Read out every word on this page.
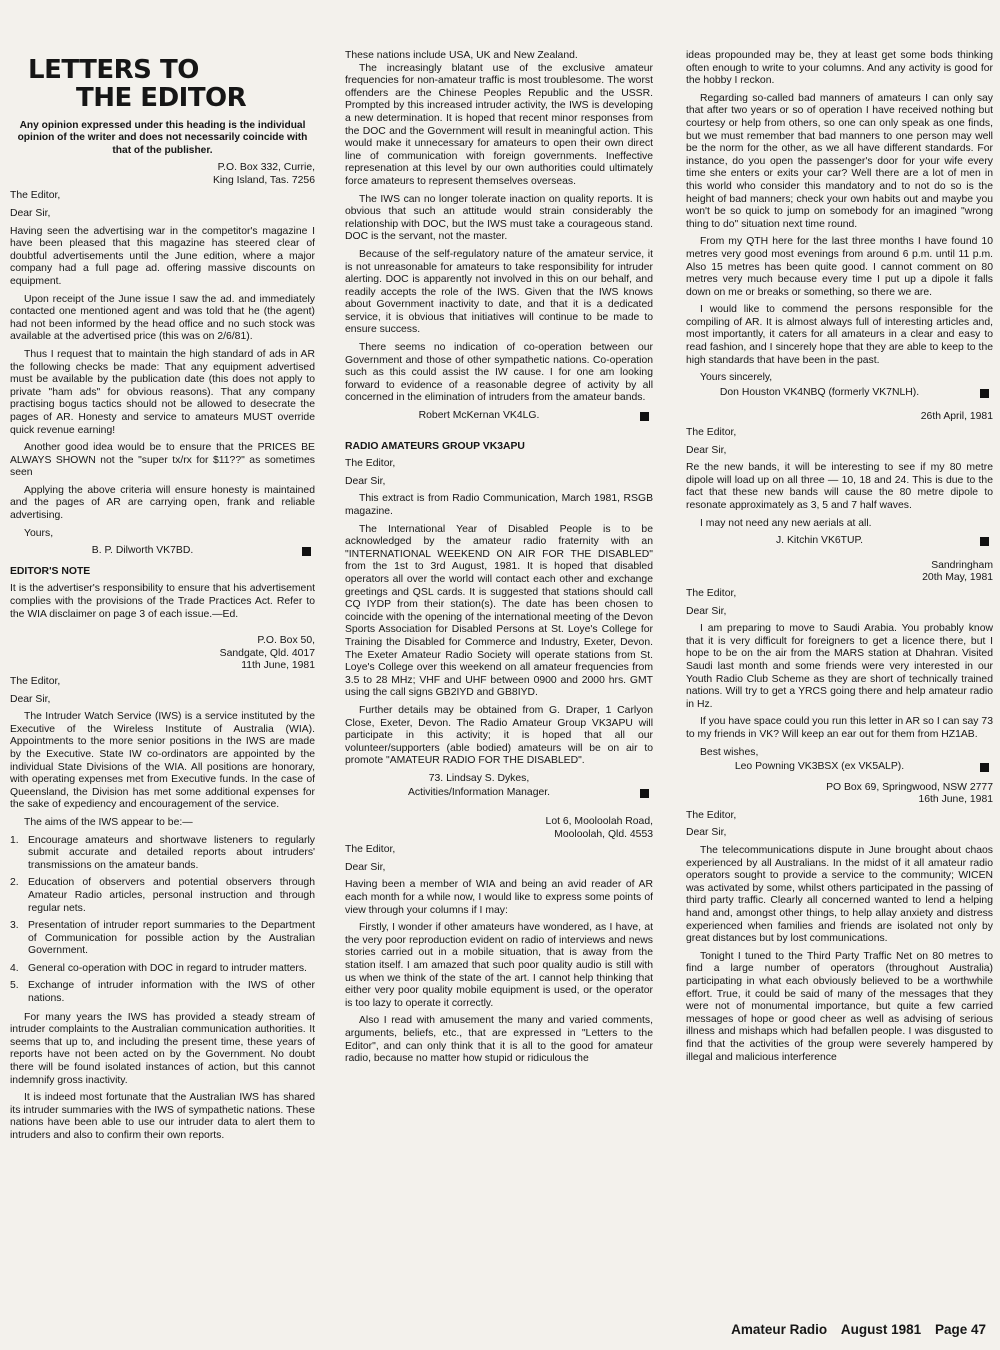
LETTERS TO
THE EDITOR

Any opinion expressed under this heading is the individual opinion of the writer and does not necessarily coincide with that of the publisher.

P.O. Box 332, Currie,
King Island, Tas. 7256

The Editor,

Dear Sir,

Having seen the advertising war in the competitor's magazine I have been pleased that this magazine has steered clear of doubtful advertisements until the June edition, where a major company had a full page ad. offering massive discounts on equipment.

Upon receipt of the June issue I saw the ad. and immediately contacted one mentioned agent and was told that he (the agent) had not been informed by the head office and no such stock was available at the advertised price (this was on 2/6/81).

Thus I request that to maintain the high standard of ads in AR the following checks be made: That any equipment advertised must be available by the publication date (this does not apply to private "ham ads" for obvious reasons). That any company practising bogus tactics should not be allowed to desecrate the pages of AR. Honesty and service to amateurs MUST override quick revenue earning!

Another good idea would be to ensure that the PRICES BE ALWAYS SHOWN not the "super tx/rx for $11??" as sometimes seen

Applying the above criteria will ensure honesty is maintained and the pages of AR are carrying open, frank and reliable advertising.

Yours,

B. P. Dilworth VK7BD.

EDITOR'S NOTE

It is the advertiser's responsibility to ensure that his advertisement complies with the provisions of the Trade Practices Act. Refer to the WIA disclaimer on page 3 of each issue.—Ed.

P.O. Box 50,
Sandgate, Qld. 4017
11th June, 1981

The Editor,

Dear Sir,

The Intruder Watch Service (IWS) is a service instituted by the Executive of the Wireless Institute of Australia (WIA). Appointments to the more senior positions in the IWS are made by the Executive. State IW co-ordinators are appointed by the individual State Divisions of the WIA. All positions are honorary, with operating expenses met from Executive funds. In the case of Queensland, the Division has met some additional expenses for the sake of expediency and encouragement of the service.

The aims of the IWS appear to be:—

1. Encourage amateurs and shortwave listeners to regularly submit accurate and detailed reports about intruders' transmissions on the amateur bands.
2. Education of observers and potential observers through Amateur Radio articles, personal instruction and through regular nets.
3. Presentation of intruder report summaries to the Department of Communication for possible action by the Australian Government.
4. General co-operation with DOC in regard to intruder matters.
5. Exchange of intruder information with the IWS of other nations.

For many years the IWS has provided a steady stream of intruder complaints to the Australian communication authorities. It seems that up to, and including the present time, these years of reports have not been acted on by the Government. No doubt there will be found isolated instances of action, but this cannot indemnify gross inactivity.

It is indeed most fortunate that the Australian IWS has shared its intruder summaries with the IWS of sympathetic nations. These nations have been able to use our intruder data to alert them to intruders and also to confirm their own reports.

These nations include USA, UK and New Zealand.

The increasingly blatant use of the exclusive amateur frequencies for non-amateur traffic is most troublesome. The worst offenders are the Chinese Peoples Republic and the USSR. Prompted by this increased intruder activity, the IWS is developing a new determination. It is hoped that recent minor responses from the DOC and the Government will result in meaningful action. This would make it unnecessary for amateurs to open their own direct line of communication with foreign governments. Ineffective represenation at this level by our own authorities could ultimately force amateurs to represent themselves overseas.

The IWS can no longer tolerate inaction on quality reports. It is obvious that such an attitude would strain considerably the relationship with DOC, but the IWS must take a courageous stand. DOC is the servant, not the master.

Because of the self-regulatory nature of the amateur service, it is not unreasonable for amateurs to take responsibility for intruder alerting. DOC is apparently not involved in this on our behalf, and readily accepts the role of the IWS. Given that the IWS knows about Government inactivity to date, and that it is a dedicated service, it is obvious that initiatives will continue to be made to ensure success.

There seems no indication of co-operation between our Government and those of other sympathetic nations. Co-operation such as this could assist the IW cause. I for one am looking forward to evidence of a reasonable degree of activity by all concerned in the elimination of intruders from the amateur bands.

Robert McKernan VK4LG.

RADIO AMATEURS GROUP VK3APU

The Editor,

Dear Sir,

This extract is from Radio Communication, March 1981, RSGB magazine.

The International Year of Disabled People is to be acknowledged by the amateur radio fraternity with an "INTERNATIONAL WEEKEND ON AIR FOR THE DISABLED" from the 1st to 3rd August, 1981. It is hoped that disabled operators all over the world will contact each other and exchange greetings and QSL cards. It is suggested that stations should call CQ IYDP from their station(s). The date has been chosen to coincide with the opening of the international meeting of the Devon Sports Association for Disabled Persons at St. Loye's College for Training the Disabled for Commerce and Industry, Exeter, Devon. The Exeter Amateur Radio Society will operate stations from St. Loye's College over this weekend on all amateur frequencies from 3.5 to 28 MHz; VHF and UHF between 0900 and 2000 hrs. GMT using the call signs GB2IYD and GB8IYD.

Further details may be obtained from G. Draper, 1 Carlyon Close, Exeter, Devon. The Radio Amateur Group VK3APU will participate in this activity; it is hoped that all our volunteer/supporters (able bodied) amateurs will be on air to promote "AMATEUR RADIO FOR THE DISABLED".

73. Lindsay S. Dykes,
Activities/Information Manager.
Lot 6, Mooloolah Road,
Mooloolah, Qld. 4553

The Editor,

Dear Sir,

Having been a member of WIA and being an avid reader of AR each month for a while now, I would like to express some points of view through your columns if I may:

Firstly, I wonder if other amateurs have wondered, as I have, at the very poor reproduction evident on radio of interviews and news stories carried out in a mobile situation, that is away from the station itself. I am amazed that such poor quality audio is still with us when we think of the state of the art. I cannot help thinking that either very poor quality mobile equipment is used, or the operator is too lazy to operate it correctly.

Also I read with amusement the many and varied comments, arguments, beliefs, etc., that are expressed in "Letters to the Editor", and can only think that it is all to the good for amateur radio, because no matter how stupid or ridiculous the

ideas propounded may be, they at least get some bods thinking often enough to write to your columns. And any activity is good for the hobby I reckon.

Regarding so-called bad manners of amateurs I can only say that after two years or so of operation I have received nothing but courtesy or help from others, so one can only speak as one finds, but we must remember that bad manners to one person may well be the norm for the other, as we all have different standards. For instance, do you open the passenger's door for your wife every time she enters or exits your car? Well there are a lot of men in this world who consider this mandatory and to not do so is the height of bad manners; check your own habits out and maybe you won't be so quick to jump on somebody for an imagined "wrong thing to do" situation next time round.

From my QTH here for the last three months I have found 10 metres very good most evenings from around 6 p.m. until 11 p.m. Also 15 metres has been quite good. I cannot comment on 80 metres very much because every time I put up a dipole it falls down on me or breaks or something, so there we are.

I would like to commend the persons responsible for the compiling of AR. It is almost always full of interesting articles and, most importantly, it caters for all amateurs in a clear and easy to read fashion, and I sincerely hope that they are able to keep to the high standards that have been in the past.

Yours sincerely,

Don Houston VK4NBQ (formerly VK7NLH).
26th April, 1981

The Editor,

Dear Sir,

Re the new bands, it will be interesting to see if my 80 metre dipole will load up on all three — 10, 18 and 24. This is due to the fact that these new bands will cause the 80 metre dipole to resonate approximately as 3, 5 and 7 half waves.

I may not need any new aerials at all.

J. Kitchin VK6TUP.
Sandringham
20th May, 1981

The Editor,

Dear Sir,

I am preparing to move to Saudi Arabia. You probably know that it is very difficult for foreigners to get a licence there, but I hope to be on the air from the MARS station at Dhahran. Visited Saudi last month and some friends were very interested in our Youth Radio Club Scheme as they are short of technically trained nations. Will try to get a YRCS going there and help amateur radio in Hz.

If you have space could you run this letter in AR so I can say 73 to my friends in VK? Will keep an ear out for them from HZ1AB.

Best wishes,

Leo Powning VK3BSX (ex VK5ALP).
PO Box 69, Springwood, NSW 2777
16th June, 1981

The Editor,

Dear Sir,

The telecommunications dispute in June brought about chaos experienced by all Australians. In the midst of it all amateur radio operators sought to provide a service to the community; WICEN was activated by some, whilst others participated in the passing of third party traffic. Clearly all concerned wanted to lend a helping hand and, amongst other things, to help allay anxiety and distress experienced when families and friends are isolated not only by great distances but by lost communications.

Tonight I tuned to the Third Party Traffic Net on 80 metres to find a large number of operators (throughout Australia) participating in what each obviously believed to be a worthwhile effort. True, it could be said of many of the messages that they were not of monumental importance, but quite a few carried messages of hope or good cheer as well as advising of serious illness and mishaps which had befallen people. I was disgusted to find that the activities of the group were severely hampered by illegal and malicious interference

Amateur Radio August 1981 Page 47
